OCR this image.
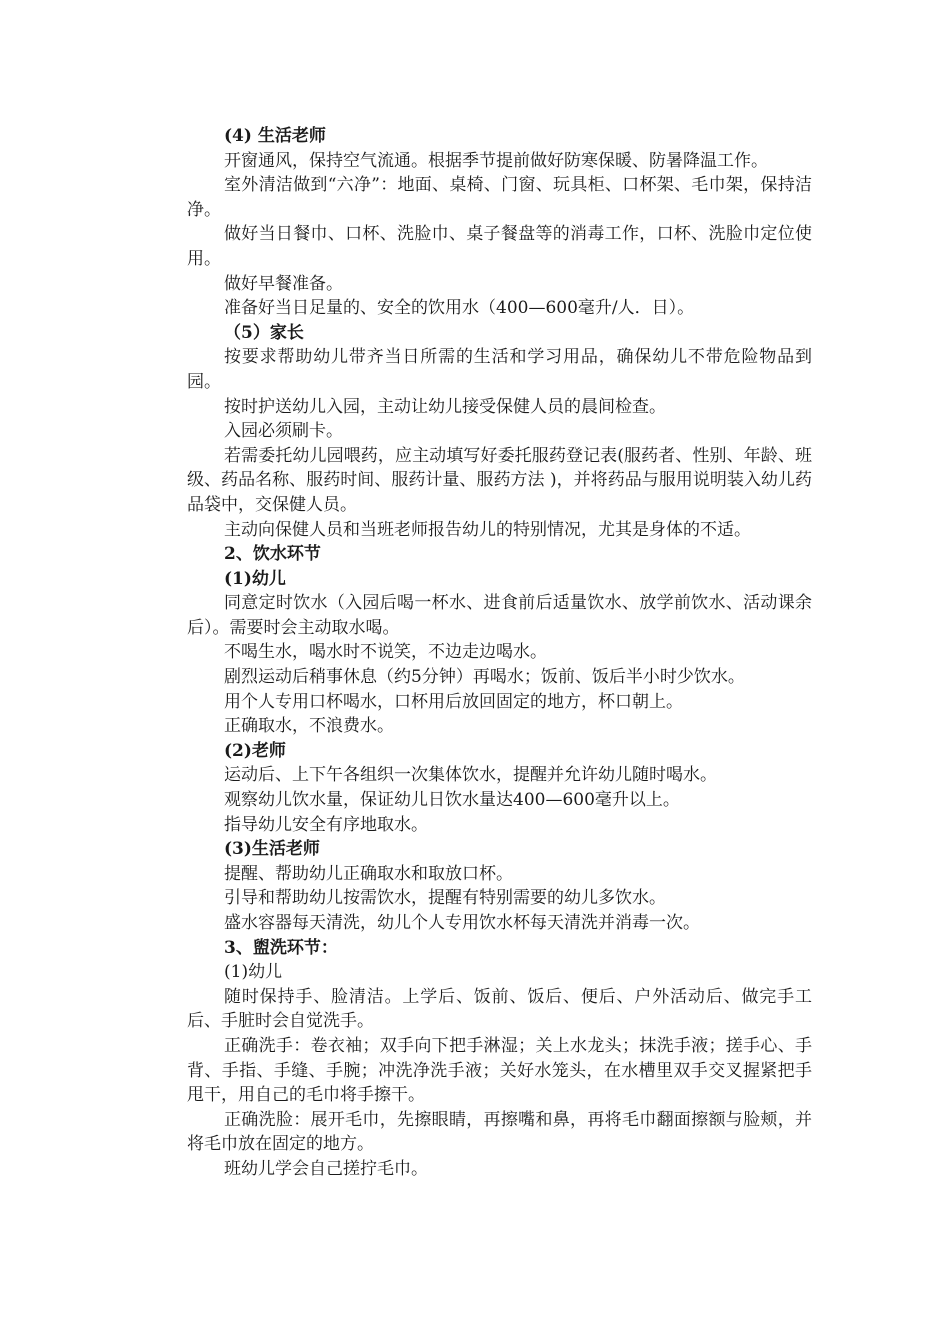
(4) 生活老师

开窗通风，保持空气流通。根据季节提前做好防寒保暖、防暑降温工作。

室外清洁做到“六净”：地面、桌椅、门窗、玩具柜、口杯架、毛巾架，保持洁净。

做好当日餐巾、口杯、洗脸巾、桌子餐盘等的消毒工作，口杯、洗脸巾定位使用。

做好早餐准备。

准备好当日足量的、安全的饮用水（400—600毫升/人．日）。

（5）家长

按要求帮助幼儿带齐当日所需的生活和学习用品，确保幼儿不带危险物品到园。

按时护送幼儿入园，主动让幼儿接受保健人员的晨间检查。

入园必须刷卡。

若需委托幼儿园喂药，应主动填写好委托服药登记表(服药者、性别、年龄、班级、药品名称、服药时间、服药计量、服药方法 )，并将药品与服用说明装入幼儿药品袋中，交保健人员。

主动向保健人员和当班老师报告幼儿的特别情况，尤其是身体的不适。

2、饮水环节

(1)幼儿

同意定时饮水（入园后喝一杯水、进食前后适量饮水、放学前饮水、活动课余后）。需要时会主动取水喝。

不喝生水，喝水时不说笑，不边走边喝水。

剧烈运动后稍事休息（约5分钟）再喝水；饭前、饭后半小时少饮水。

用个人专用口杯喝水，口杯用后放回固定的地方，杯口朝上。

正确取水，不浪费水。

(2)老师

运动后、上下午各组织一次集体饮水，提醒并允许幼儿随时喝水。

观察幼儿饮水量，保证幼儿日饮水量达400—600毫升以上。

指导幼儿安全有序地取水。

(3)生活老师

提醒、帮助幼儿正确取水和取放口杯。

引导和帮助幼儿按需饮水，提醒有特别需要的幼儿多饮水。

盛水容器每天清洗，幼儿个人专用饮水杯每天清洗并消毒一次。

3、盥洗环节：

(1)幼儿

随时保持手、脸清洁。上学后、饭前、饭后、便后、户外活动后、做完手工后、手脏时会自觉洗手。

正确洗手：卷衣袖；双手向下把手淋湿；关上水龙头；抹洗手液；搓手心、手背、手指、手缝、手腕；冲洗净洗手液；关好水笼头，在水槽里双手交叉握紧把手甩干，用自己的毛巾将手擦干。

正确洗脸：展开毛巾，先擦眼睛，再擦嘴和鼻，再将毛巾翻面擦额与脸颊，并将毛巾放在固定的地方。

班幼儿学会自己搓拧毛巾。
